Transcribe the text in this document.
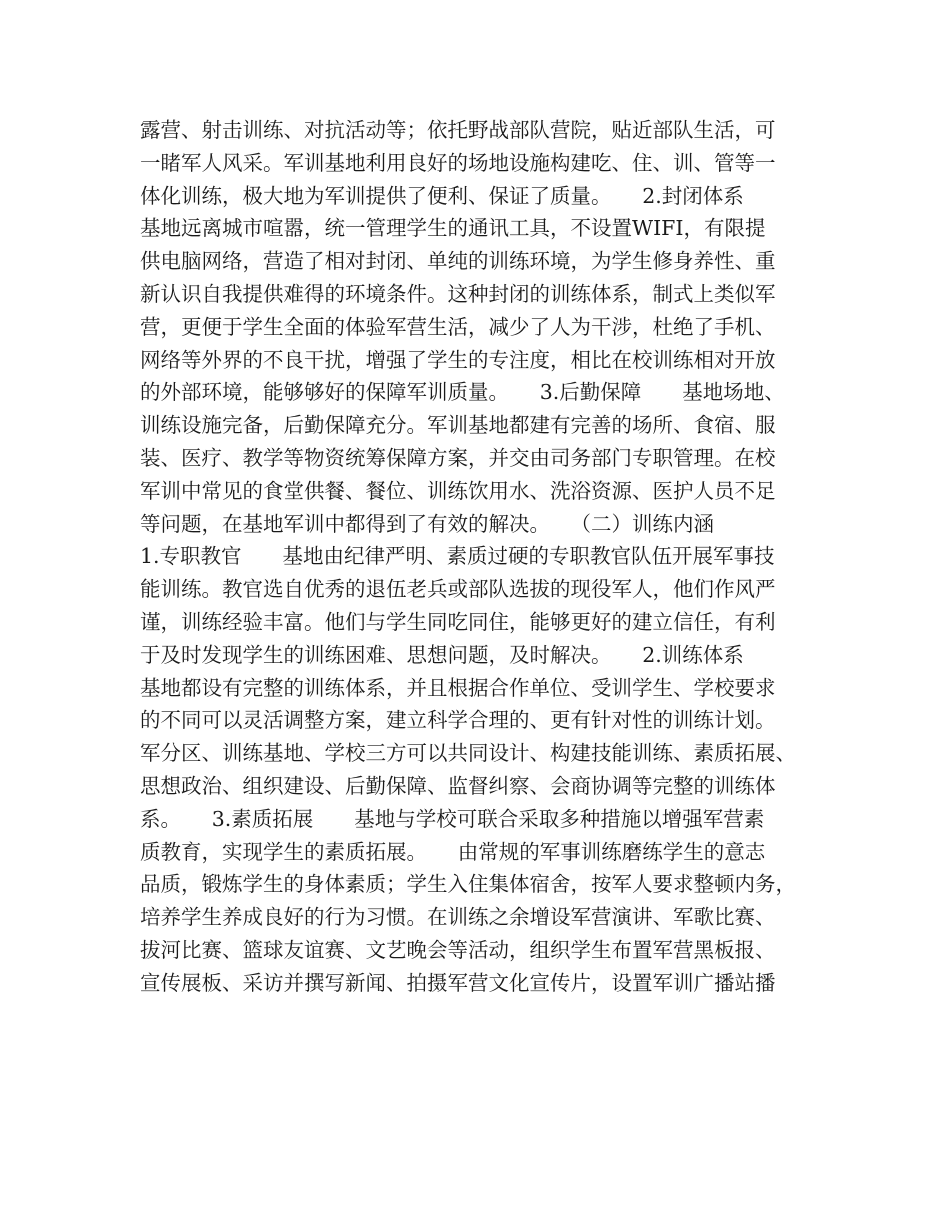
露营、射击训练、对抗活动等；依托野战部队营院，贴近部队生活，可
一睹军人风采。军训基地利用良好的场地设施构建吃、住、训、管等一
体化训练，极大地为军训提供了便利、保证了质量。　　2.封闭体系
基地远离城市喧嚣，统一管理学生的通讯工具，不设置WIFI，有限提
供电脑网络，营造了相对封闭、单纯的训练环境，为学生修身养性、重
新认识自我提供难得的环境条件。这种封闭的训练体系，制式上类似军
营，更便于学生全面的体验军营生活，减少了人为干涉，杜绝了手机、
网络等外界的不良干扰，增强了学生的专注度，相比在校训练相对开放
的外部环境，能够够好的保障军训质量。　　3.后勤保障　　基地场地、
训练设施完备，后勤保障充分。军训基地都建有完善的场所、食宿、服
装、医疗、教学等物资统筹保障方案，并交由司务部门专职管理。在校
军训中常见的食堂供餐、餐位、训练饮用水、洗浴资源、医护人员不足
等问题，在基地军训中都得到了有效的解决。　　（二）训练内涵
1.专职教官　　基地由纪律严明、素质过硬的专职教官队伍开展军事技
能训练。教官选自优秀的退伍老兵或部队选拔的现役军人，他们作风严
谨，训练经验丰富。他们与学生同吃同住，能够更好的建立信任，有利
于及时发现学生的训练困难、思想问题，及时解决。　　2.训练体系
基地都设有完整的训练体系，并且根据合作单位、受训学生、学校要求
的不同可以灵活调整方案，建立科学合理的、更有针对性的训练计划。
军分区、训练基地、学校三方可以共同设计、构建技能训练、素质拓展、
思想政治、组织建设、后勤保障、监督纠察、会商协调等完整的训练体
系。　　3.素质拓展　　基地与学校可联合采取多种措施以增强军营素
质教育，实现学生的素质拓展。　　由常规的军事训练磨练学生的意志
品质，锻炼学生的身体素质；学生入住集体宿舍，按军人要求整顿内务，
培养学生养成良好的行为习惯。在训练之余增设军营演讲、军歌比赛、
拔河比赛、篮球友谊赛、文艺晚会等活动，组织学生布置军营黑板报、
宣传展板、采访并撰写新闻、拍摄军营文化宣传片，设置军训广播站播
